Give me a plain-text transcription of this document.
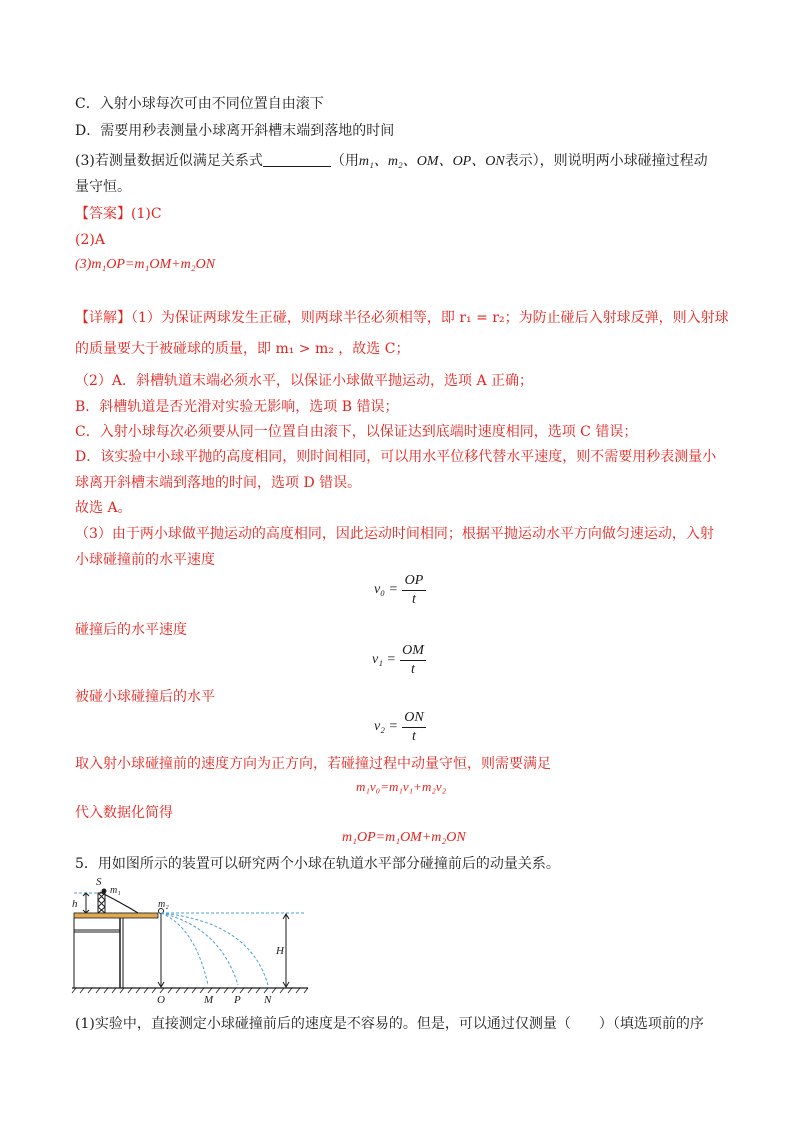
C．入射小球每次可由不同位置自由滚下
D．需要用秒表测量小球离开斜槽末端到落地的时间
(3)若测量数据近似满足关系式	（用m₁、m₂、OM、OP、ON表示），则说明两小球碰撞过程动
量守恒。
【答案】(1)C
(2)A
(3)m₁OP=m₁OM+m₂ON
【详解】（1）为保证两球发生正碰，则两球半径必须相等，即 r₁ = r₂；为防止碰后入射球反弹，则入射球
的质量要大于被碰球的质量，即 m₁ > m₂ ，故选 C；
（2）A．斜槽轨道末端必须水平，以保证小球做平抛运动，选项 A 正确；
B．斜槽轨道是否光滑对实验无影响，选项 B 错误；
C．入射小球每次必须要从同一位置自由滚下，以保证达到底端时速度相同，选项 C 错误；
D．该实验中小球平抛的高度相同，则时间相同，可以用水平位移代替水平速度，则不需要用秒表测量小
球离开斜槽末端到落地的时间，选项 D 错误。
故选 A。
（3）由于两小球做平抛运动的高度相同，因此运动时间相同；根据平抛运动水平方向做匀速运动，入射
小球碰撞前的水平速度
v₀ =
OP
t
碰撞后的水平速度
v₁ =
OM
t
被碰小球碰撞后的水平
v₂ =
ON
t
取入射小球碰撞前的速度方向为正方向，若碰撞过程中动量守恒，则需要满足
m₁v₀=m₁v₁+m₂v₂
代入数据化简得
m₁OP=m₁OM+m₂ON
5．用如图所示的装置可以研究两个小球在轨道水平部分碰撞前后的动量关系。
h
S
m₁
m₂
H
O	M P N
(1)实验中，直接测定小球碰撞前后的速度是不容易的。但是，可以通过仅测量（　　）（填选项前的序
